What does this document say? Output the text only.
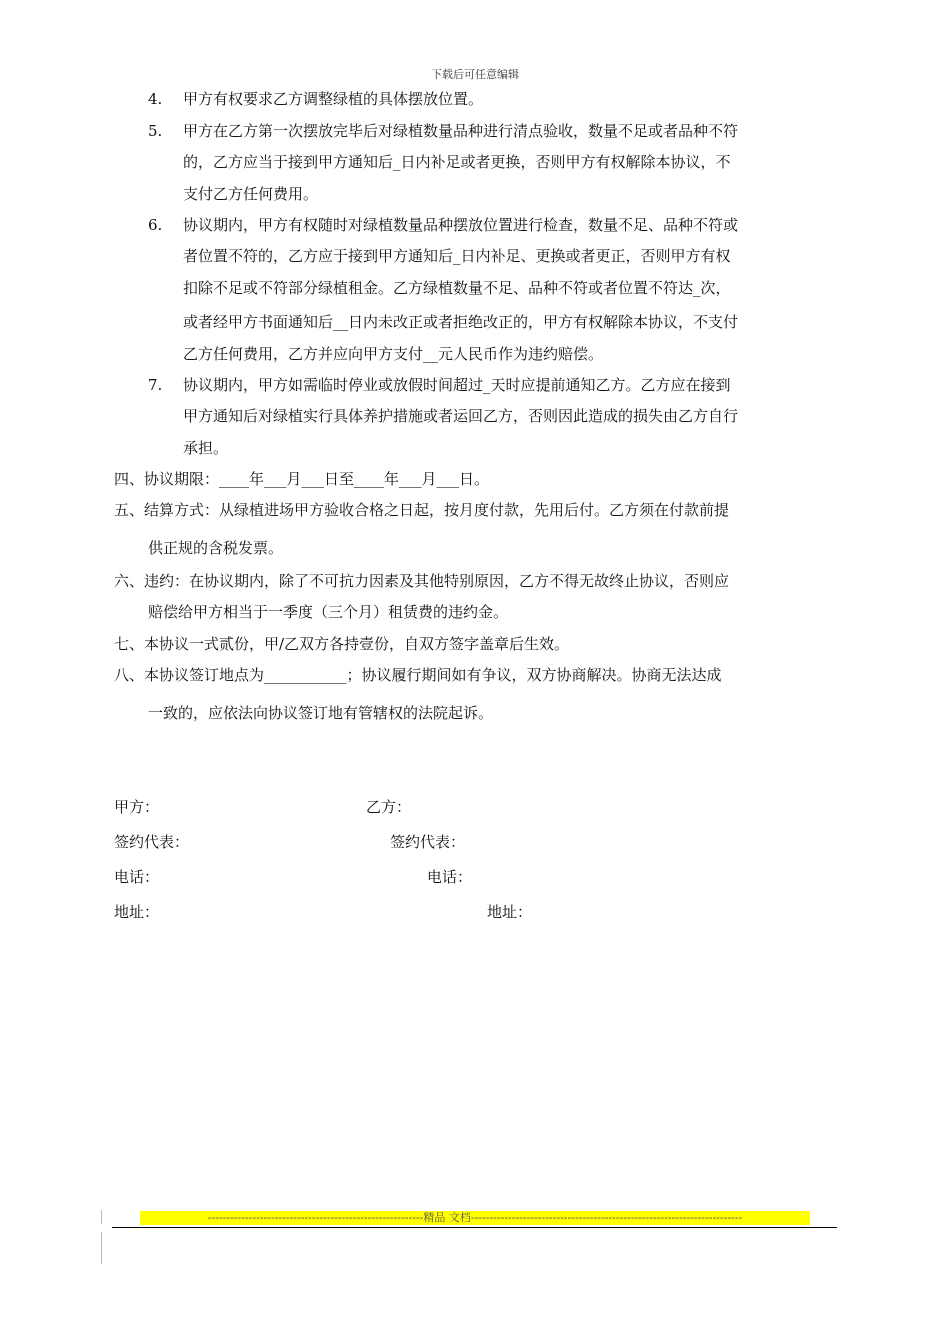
下载后可任意编辑
4. 甲方有权要求乙方调整绿植的具体摆放位置。
5. 甲方在乙方第一次摆放完毕后对绿植数量品种进行清点验收，数量不足或者品种不符
的，乙方应当于接到甲方通知后_日内补足或者更换，否则甲方有权解除本协议，不
支付乙方任何费用。
6. 协议期内，甲方有权随时对绿植数量品种摆放位置进行检查，数量不足、品种不符或
者位置不符的，乙方应于接到甲方通知后_日内补足、更换或者更正，否则甲方有权
扣除不足或不符部分绿植租金。乙方绿植数量不足、品种不符或者位置不符达_次，
或者经甲方书面通知后__日内未改正或者拒绝改正的，甲方有权解除本协议，不支付
乙方任何费用，乙方并应向甲方支付__元人民币作为违约赔偿。
7. 协议期内，甲方如需临时停业或放假时间超过_天时应提前通知乙方。乙方应在接到
甲方通知后对绿植实行具体养护措施或者运回乙方，否则因此造成的损失由乙方自行
承担。
四、协议期限：____年___月___日至____年___月___日。
五、结算方式：从绿植进场甲方验收合格之日起，按月度付款，先用后付。乙方须在付款前提
供正规的含税发票。
六、违约：在协议期内，除了不可抗力因素及其他特别原因，乙方不得无故终止协议，否则应
赔偿给甲方相当于一季度（三个月）租赁费的违约金。
七、本协议一式贰份，甲/乙双方各持壹份，自双方签字盖章后生效。
八、本协议签订地点为___________；协议履行期间如有争议，双方协商解决。协商无法达成
一致的，应依法向协议签订地有管辖权的法院起诉。
甲方：	乙方：
签约代表：	签约代表：
电话：	电话：
地址：	地址：
----------------------------------------------------------精品 文档-------------------------------------------------------------------------
